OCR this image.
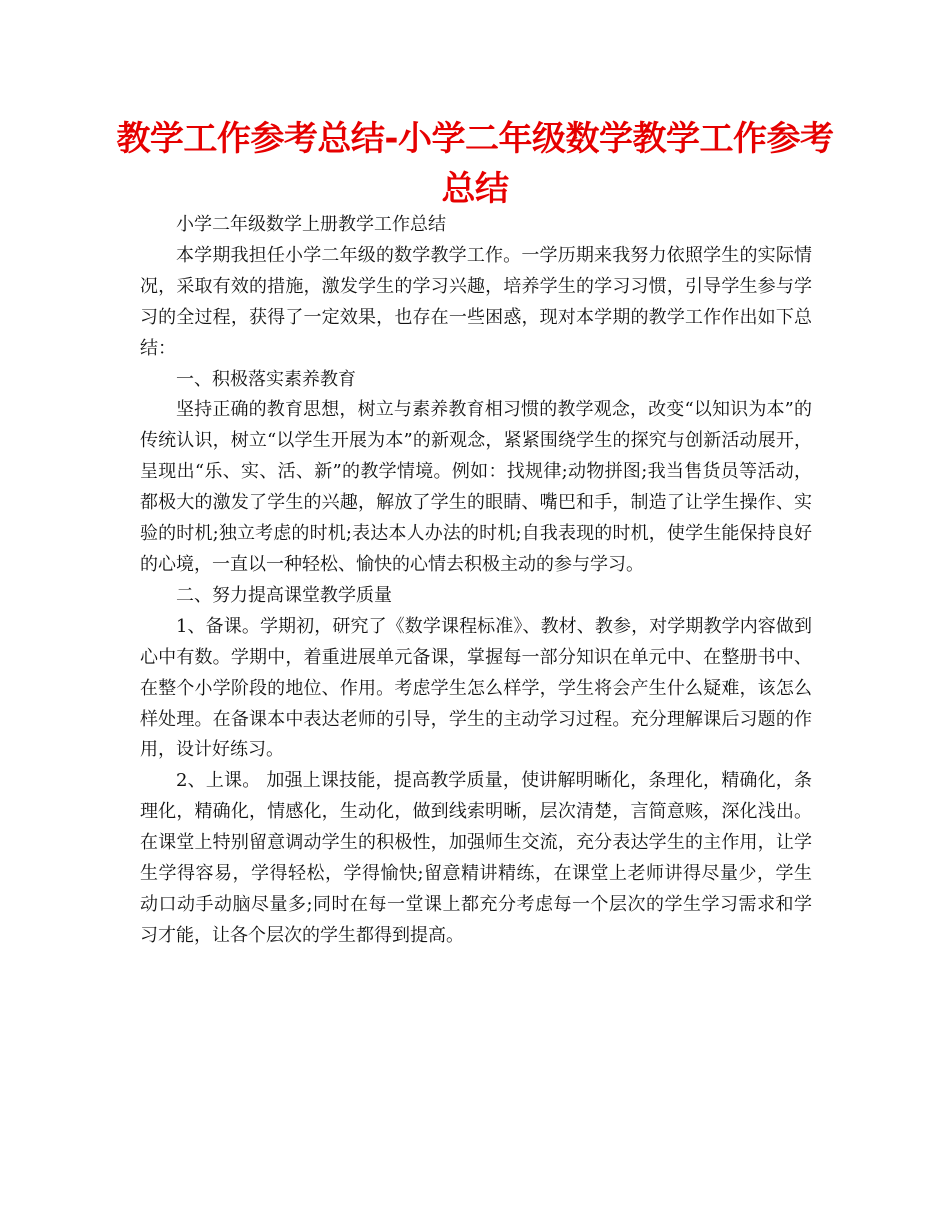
教学工作参考总结-小学二年级数学教学工作参考总结

小学二年级数学上册教学工作总结

本学期我担任小学二年级的数学教学工作。一学历期来我努力依照学生的实际情况，采取有效的措施，激发学生的学习兴趣，培养学生的学习习惯，引导学生参与学习的全过程，获得了一定效果，也存在一些困惑，现对本学期的教学工作作出如下总结：

一、积极落实素养教育

坚持正确的教育思想，树立与素养教育相习惯的教学观念，改变“以知识为本”的传统认识，树立“以学生开展为本”的新观念，紧紧围绕学生的探究与创新活动展开，呈现出“乐、实、活、新”的教学情境。例如：找规律;动物拼图;我当售货员等活动，都极大的激发了学生的兴趣，解放了学生的眼睛、嘴巴和手，制造了让学生操作、实验的时机;独立考虑的时机;表达本人办法的时机;自我表现的时机，使学生能保持良好的心境，一直以一种轻松、愉快的心情去积极主动的参与学习。

二、努力提高课堂教学质量

1、备课。学期初，研究了《数学课程标准》、教材、教参，对学期教学内容做到心中有数。学期中，着重进展单元备课，掌握每一部分知识在单元中、在整册书中、在整个小学阶段的地位、作用。考虑学生怎么样学，学生将会产生什么疑难，该怎么样处理。在备课本中表达老师的引导，学生的主动学习过程。充分理解课后习题的作用，设计好练习。

2、上课。 加强上课技能，提高教学质量，使讲解明晰化，条理化，精确化，条理化，精确化，情感化，生动化，做到线索明晰，层次清楚，言简意赅，深化浅出。在课堂上特别留意调动学生的积极性，加强师生交流，充分表达学生的主作用，让学生学得容易，学得轻松，学得愉快;留意精讲精练，在课堂上老师讲得尽量少，学生动口动手动脑尽量多;同时在每一堂课上都充分考虑每一个层次的学生学习需求和学习才能，让各个层次的学生都得到提高。
